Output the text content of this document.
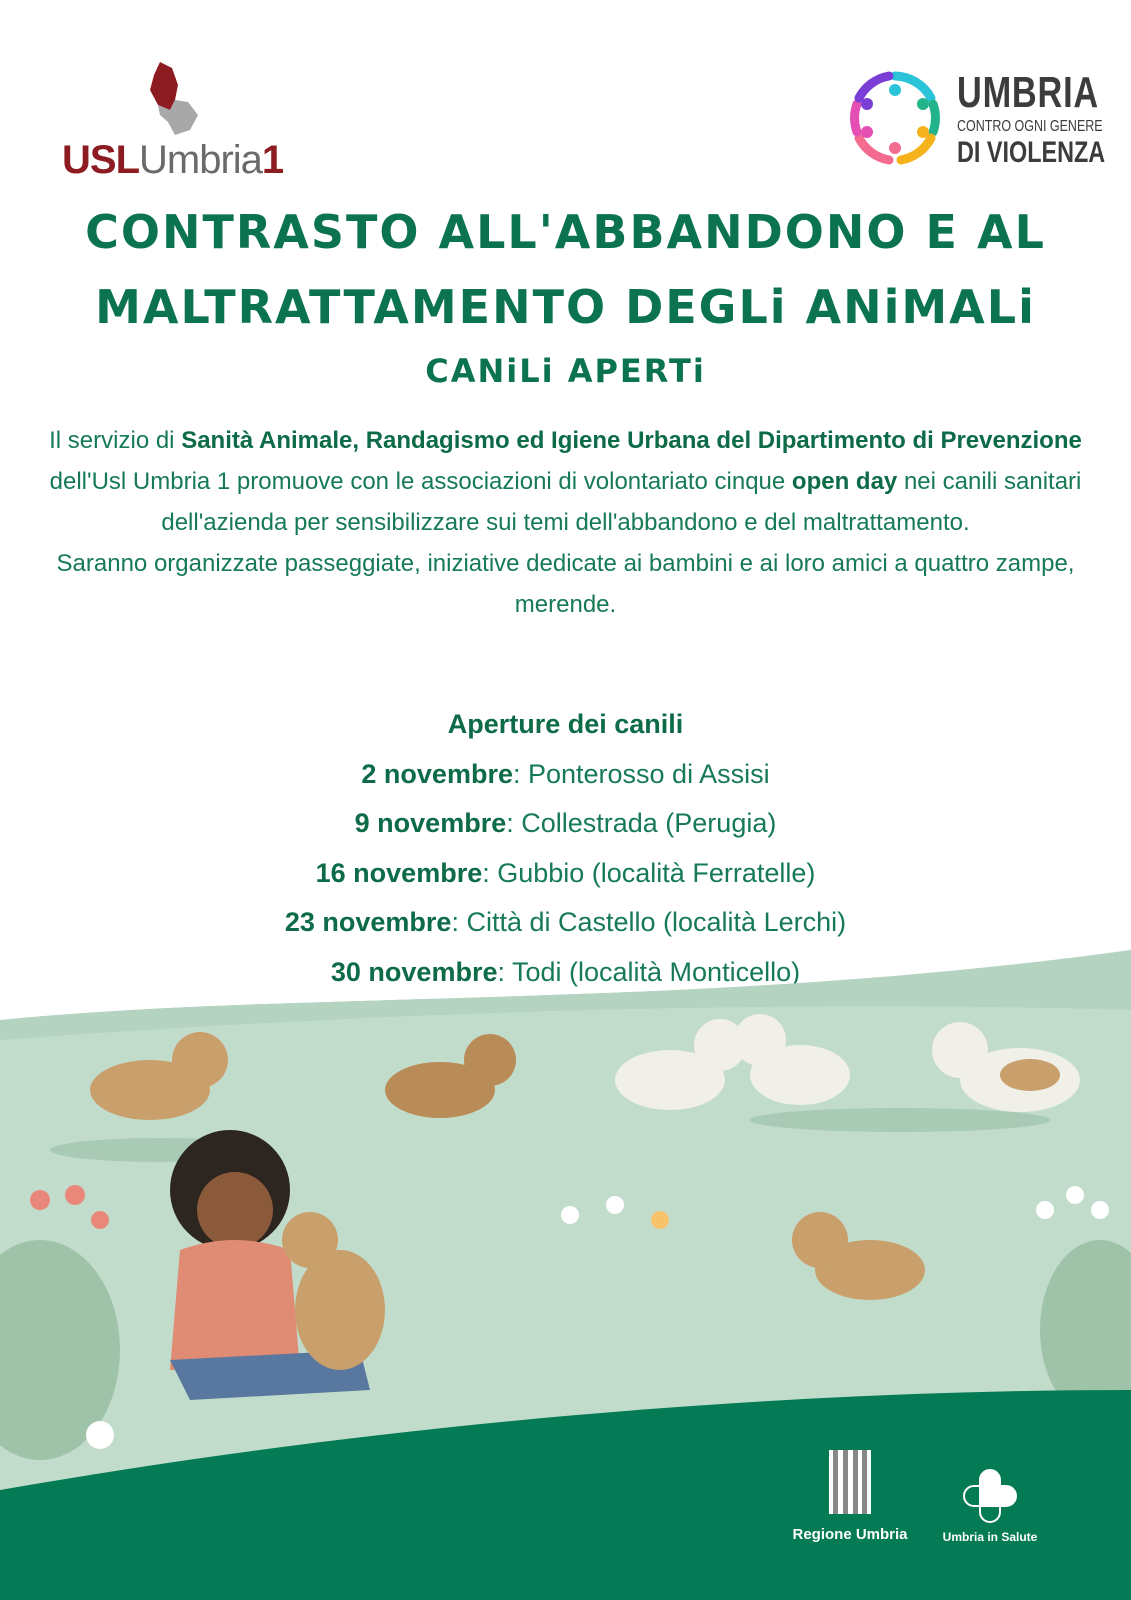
USLUmbria1
UMBRIA
CONTRO OGNI GENERE
DI VIOLENZA
CONTRASTO ALL'ABBANDONO E AL
MALTRATTAMENTO DEGLi ANiMALi
CANiLi APERTi
Il servizio di Sanità Animale, Randagismo ed Igiene Urbana del Dipartimento di Prevenzione dell'Usl Umbria 1 promuove con le associazioni di volontariato cinque open day nei canili sanitari dell'azienda per sensibilizzare sui temi dell'abbandono e del maltrattamento.
Saranno organizzate passeggiate, iniziative dedicate ai bambini e ai loro amici a quattro zampe, merende.
Aperture dei canili
2 novembre: Ponterosso di Assisi
9 novembre: Collestrada (Perugia)
16 novembre: Gubbio (località Ferratelle)
23 novembre: Città di Castello (località Lerchi)
30 novembre: Todi (località Monticello)
Regione Umbria	Umbria in Salute
